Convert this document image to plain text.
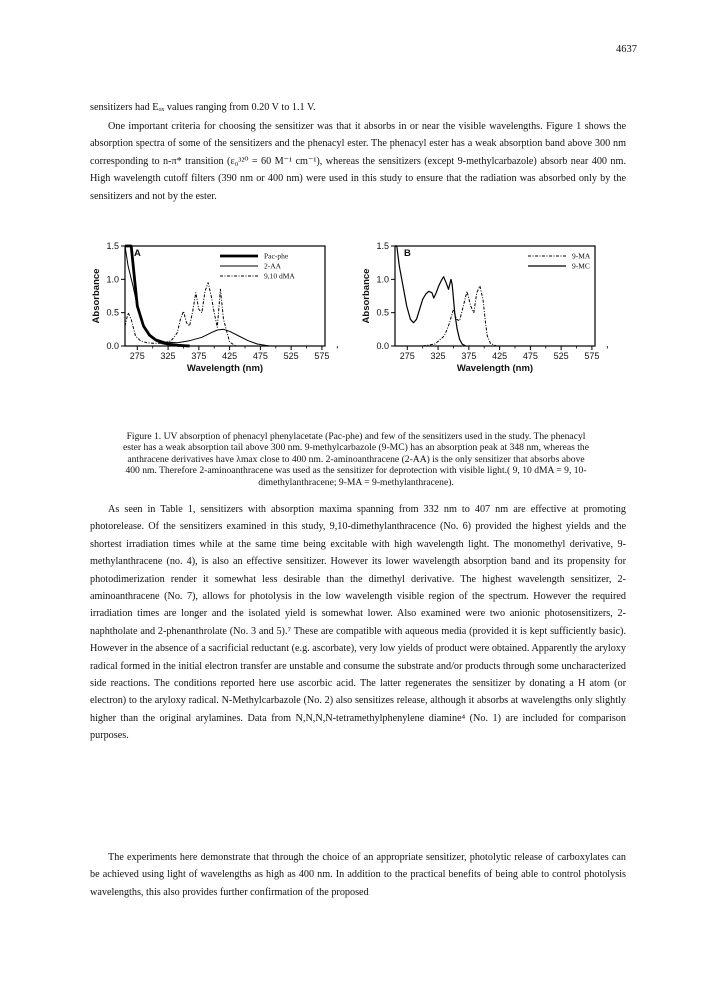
4637

sensitizers had Eₒₓ values ranging from 0.20 V to 1.1 V.

One important criteria for choosing the sensitizer was that it absorbs in or near the visible wavelengths. Figure 1 shows the absorption spectra of some of the sensitizers and the phenacyl ester. The phenacyl ester has a weak absorption band above 300 nm corresponding to n-π* transition (ε₀³²⁰ = 60 M⁻¹ cm⁻¹), whereas the sensitizers (except 9-methylcarbazole) absorb near 400 nm. High wavelength cutoff filters (390 nm or 400 nm) were used in this study to ensure that the radiation was absorbed only by the sensitizers and not by the ester.

275 325 375 425 475 525 575
0.0
0.5
1.0
1.5
Wavelength (nm)
Absorbance
A	Pac-phe
2-AA
9,10 dMA
275 325 375 425 475 525 575
0.0
0.5
1.0
1.5
Wavelength (nm)
Absorbance
B	9-MA
9-MC

Figure 1. UV absorption of phenacyl phenylacetate (Pac-phe) and few of the sensitizers used in the study. The phenacyl ester has a weak absorption tail above 300 nm. 9-methylcarbazole (9-MC) has an absorption peak at 348 nm, whereas the anthracene derivatives have λmax close to 400 nm. 2-aminoanthracene (2-AA) is the only sensitizer that absorbs above 400 nm. Therefore 2-aminoanthracene was used as the sensitizer for deprotection with visible light.( 9, 10 dMA = 9, 10-dimethylanthracene; 9-MA = 9-methylanthracene).

As seen in Table 1, sensitizers with absorption maxima spanning from 332 nm to 407 nm are effective at promoting photorelease. Of the sensitizers examined in this study, 9,10-dimethylanthracence (No. 6) provided the highest yields and the shortest irradiation times while at the same time being excitable with high wavelength light. The monomethyl derivative, 9-methylanthracene (no. 4), is also an effective sensitizer. However its lower wavelength absorption band and its propensity for photodimerization render it somewhat less desirable than the dimethyl derivative. The highest wavelength sensitizer, 2-aminoanthracene (No. 7), allows for photolysis in the low wavelength visible region of the spectrum. However the required irradiation times are longer and the isolated yield is somewhat lower. Also examined were two anionic photosensitizers, 2-naphtholate and 2-phenanthrolate (No. 3 and 5).⁷ These are compatible with aqueous media (provided it is kept sufficiently basic). However in the absence of a sacrificial reductant (e.g. ascorbate), very low yields of product were obtained. Apparently the aryloxy radical formed in the initial electron transfer are unstable and consume the substrate and/or products through some uncharacterized side reactions. The conditions reported here use ascorbic acid. The latter regenerates the sensitizer by donating a H atom (or electron) to the aryloxy radical. N-Methylcarbazole (No. 2) also sensitizes release, although it absorbs at wavelengths only slightly higher than the original arylamines. Data from N,N,N,N-tetramethylphenylene diamine⁴ (No. 1) are included for comparison purposes.

The experiments here demonstrate that through the choice of an appropriate sensitizer, photolytic release of carboxylates can be achieved using light of wavelengths as high as 400 nm. In addition to the practical benefits of being able to control photolysis wavelengths, this also provides further confirmation of the proposed
